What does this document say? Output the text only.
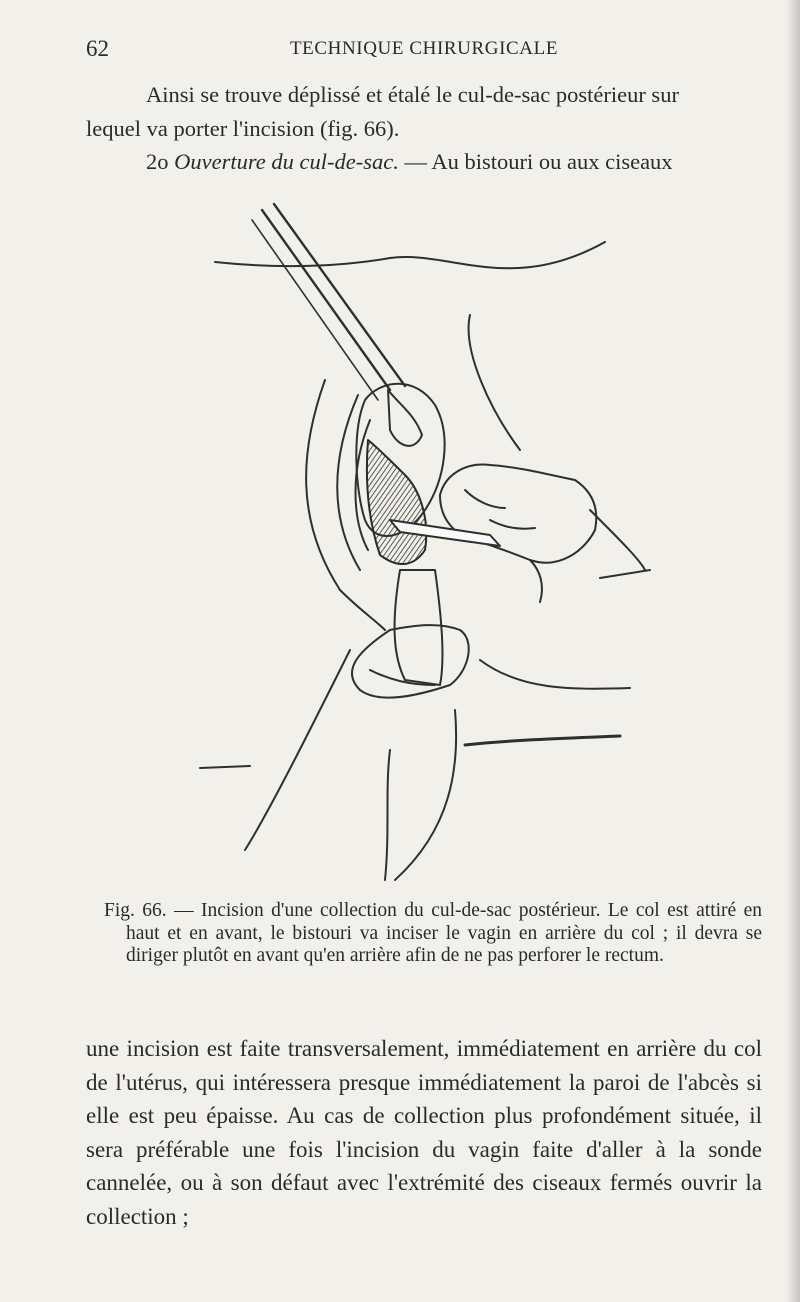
62	TECHNIQUE CHIRURGICALE

Ainsi se trouve déplissé et étalé le cul-de-sac postérieur sur

lequel va porter l'incision (fig. 66).

2o Ouverture du cul-de-sac. — Au bistouri ou aux ciseaux

Fig. 66. — Incision d'une collection du cul-de-sac postérieur. Le col est attiré en haut et en avant, le bistouri va inciser le vagin en arrière du col ; il devra se diriger plutôt en avant qu'en arrière afin de ne pas perforer le rectum.

une incision est faite transversalement, immédiatement en arrière du col de l'utérus, qui intéressera presque immédiatement la paroi de l'abcès si elle est peu épaisse. Au cas de collection plus profondément située, il sera préférable une fois l'incision du vagin faite d'aller à la sonde cannelée, ou à son défaut avec l'extrémité des ciseaux fermés ouvrir la collection ;
